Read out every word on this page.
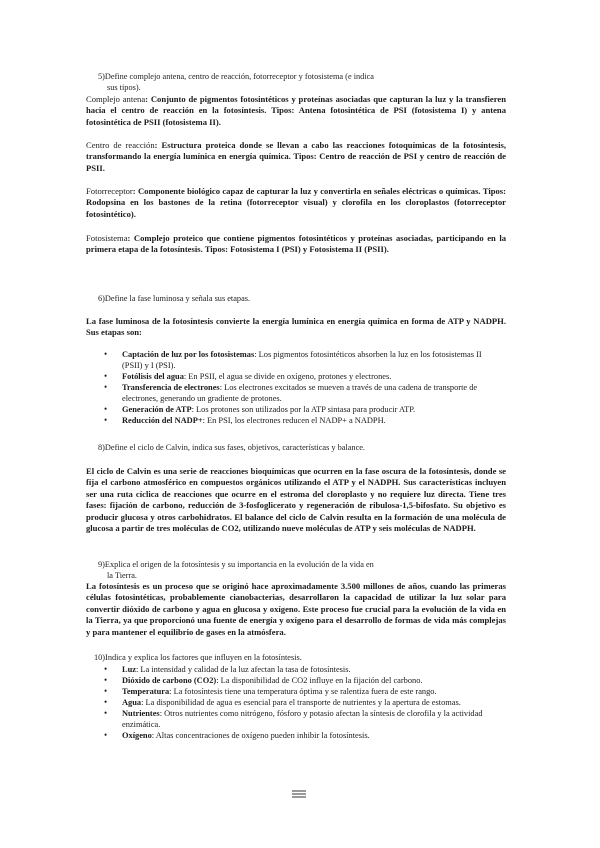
5)Define complejo antena, centro de reacción, fotorreceptor y fotosistema (e indica
sus tipos).

Complejo antena: Conjunto de pigmentos fotosintéticos y proteínas asociadas que capturan la luz y la transfieren hacia el centro de reacción en la fotosíntesis. Tipos: Antena fotosintética de PSI (fotosistema I) y antena fotosintética de PSII (fotosistema II).

Centro de reacción: Estructura proteica donde se llevan a cabo las reacciones fotoquímicas de la fotosíntesis, transformando la energía lumínica en energía química. Tipos: Centro de reacción de PSI y centro de reacción de PSII.

Fotorreceptor: Componente biológico capaz de capturar la luz y convertirla en señales eléctricas o químicas. Tipos: Rodopsina en los bastones de la retina (fotorreceptor visual) y clorofila en los cloroplastos (fotorreceptor fotosintético).

Fotosistema: Complejo proteico que contiene pigmentos fotosintéticos y proteínas asociadas, participando en la primera etapa de la fotosíntesis. Tipos: Fotosistema I (PSI) y Fotosistema II (PSII).

6)Define la fase luminosa y señala sus etapas.

La fase luminosa de la fotosíntesis convierte la energía lumínica en energía química en forma de ATP y NADPH. Sus etapas son:

• Captación de luz por los fotosistemas: Los pigmentos fotosintéticos absorben la luz en los fotosistemas II (PSII) y I (PSI).
• Fotólisis del agua: En PSII, el agua se divide en oxígeno, protones y electrones.
• Transferencia de electrones: Los electrones excitados se mueven a través de una cadena de transporte de electrones, generando un gradiente de protones.
• Generación de ATP: Los protones son utilizados por la ATP sintasa para producir ATP.
• Reducción del NADP+: En PSI, los electrones reducen el NADP+ a NADPH.
8)Define el ciclo de Calvin, indica sus fases, objetivos, características y balance.

El ciclo de Calvin es una serie de reacciones bioquímicas que ocurren en la fase oscura de la fotosíntesis, donde se fija el carbono atmosférico en compuestos orgánicos utilizando el ATP y el NADPH. Sus características incluyen ser una ruta cíclica de reacciones que ocurre en el estroma del cloroplasto y no requiere luz directa. Tiene tres fases: fijación de carbono, reducción de 3-fosfoglicerato y regeneración de ribulosa-1,5-bifosfato. Su objetivo es producir glucosa y otros carbohidratos. El balance del ciclo de Calvin resulta en la formación de una molécula de glucosa a partir de tres moléculas de CO2, utilizando nueve moléculas de ATP y seis moléculas de NADPH.

9)Explica el origen de la fotosíntesis y su importancia en la evolución de la vida en
la Tierra.

La fotosíntesis es un proceso que se originó hace aproximadamente 3.500 millones de años, cuando las primeras células fotosintéticas, probablemente cianobacterias, desarrollaron la capacidad de utilizar la luz solar para convertir dióxido de carbono y agua en glucosa y oxígeno. Este proceso fue crucial para la evolución de la vida en la Tierra, ya que proporcionó una fuente de energía y oxígeno para el desarrollo de formas de vida más complejas y para mantener el equilibrio de gases en la atmósfera.

10)Indica y explica los factores que influyen en la fotosíntesis.
• Luz: La intensidad y calidad de la luz afectan la tasa de fotosíntesis.
• Dióxido de carbono (CO2): La disponibilidad de CO2 influye en la fijación del carbono.
• Temperatura: La fotosíntesis tiene una temperatura óptima y se ralentiza fuera de este rango.
• Agua: La disponibilidad de agua es esencial para el transporte de nutrientes y la apertura de estomas.
• Nutrientes: Otros nutrientes como nitrógeno, fósforo y potasio afectan la síntesis de clorofila y la actividad enzimática.
• Oxígeno: Altas concentraciones de oxígeno pueden inhibir la fotosíntesis.
